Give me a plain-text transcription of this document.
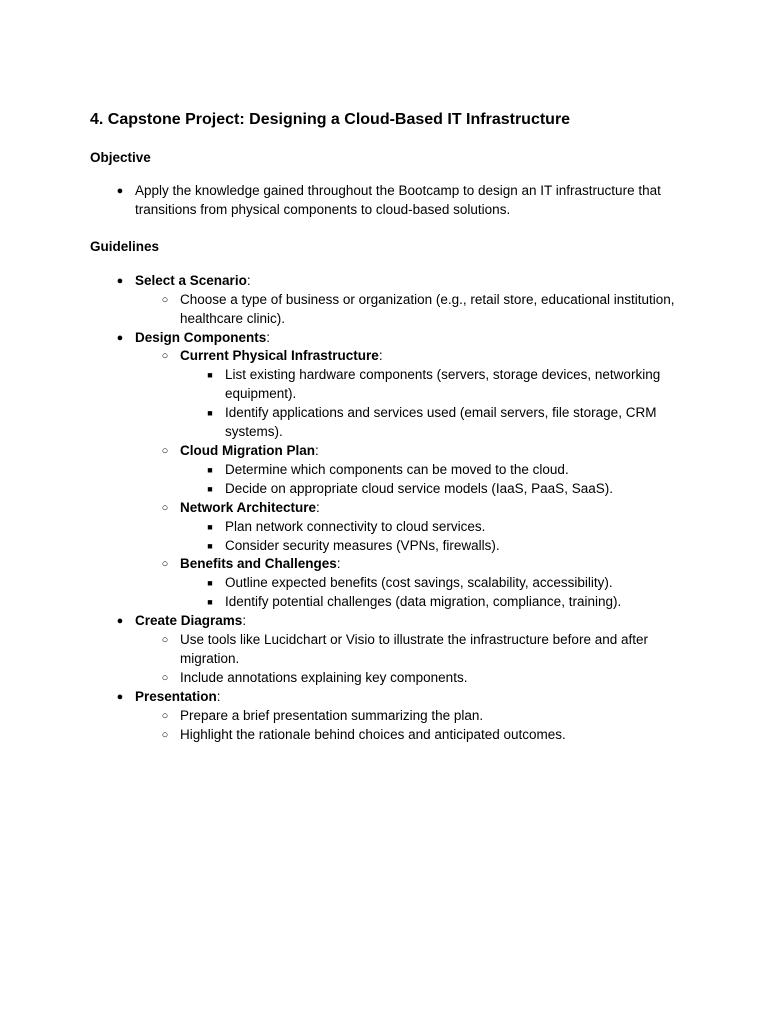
4. Capstone Project: Designing a Cloud-Based IT Infrastructure
Objective
● Apply the knowledge gained throughout the Bootcamp to design an IT infrastructure that transitions from physical components to cloud-based solutions.
Guidelines
● Select a Scenario:
○ Choose a type of business or organization (e.g., retail store, educational institution, healthcare clinic).
● Design Components:
○ Current Physical Infrastructure:
■ List existing hardware components (servers, storage devices, networking equipment).
■ Identify applications and services used (email servers, file storage, CRM systems).
○ Cloud Migration Plan:
■ Determine which components can be moved to the cloud.
■ Decide on appropriate cloud service models (IaaS, PaaS, SaaS).
○ Network Architecture:
■ Plan network connectivity to cloud services.
■ Consider security measures (VPNs, firewalls).
○ Benefits and Challenges:
■ Outline expected benefits (cost savings, scalability, accessibility).
■ Identify potential challenges (data migration, compliance, training).
● Create Diagrams:
○ Use tools like Lucidchart or Visio to illustrate the infrastructure before and after migration.
○ Include annotations explaining key components.
● Presentation:
○ Prepare a brief presentation summarizing the plan.
○ Highlight the rationale behind choices and anticipated outcomes.
